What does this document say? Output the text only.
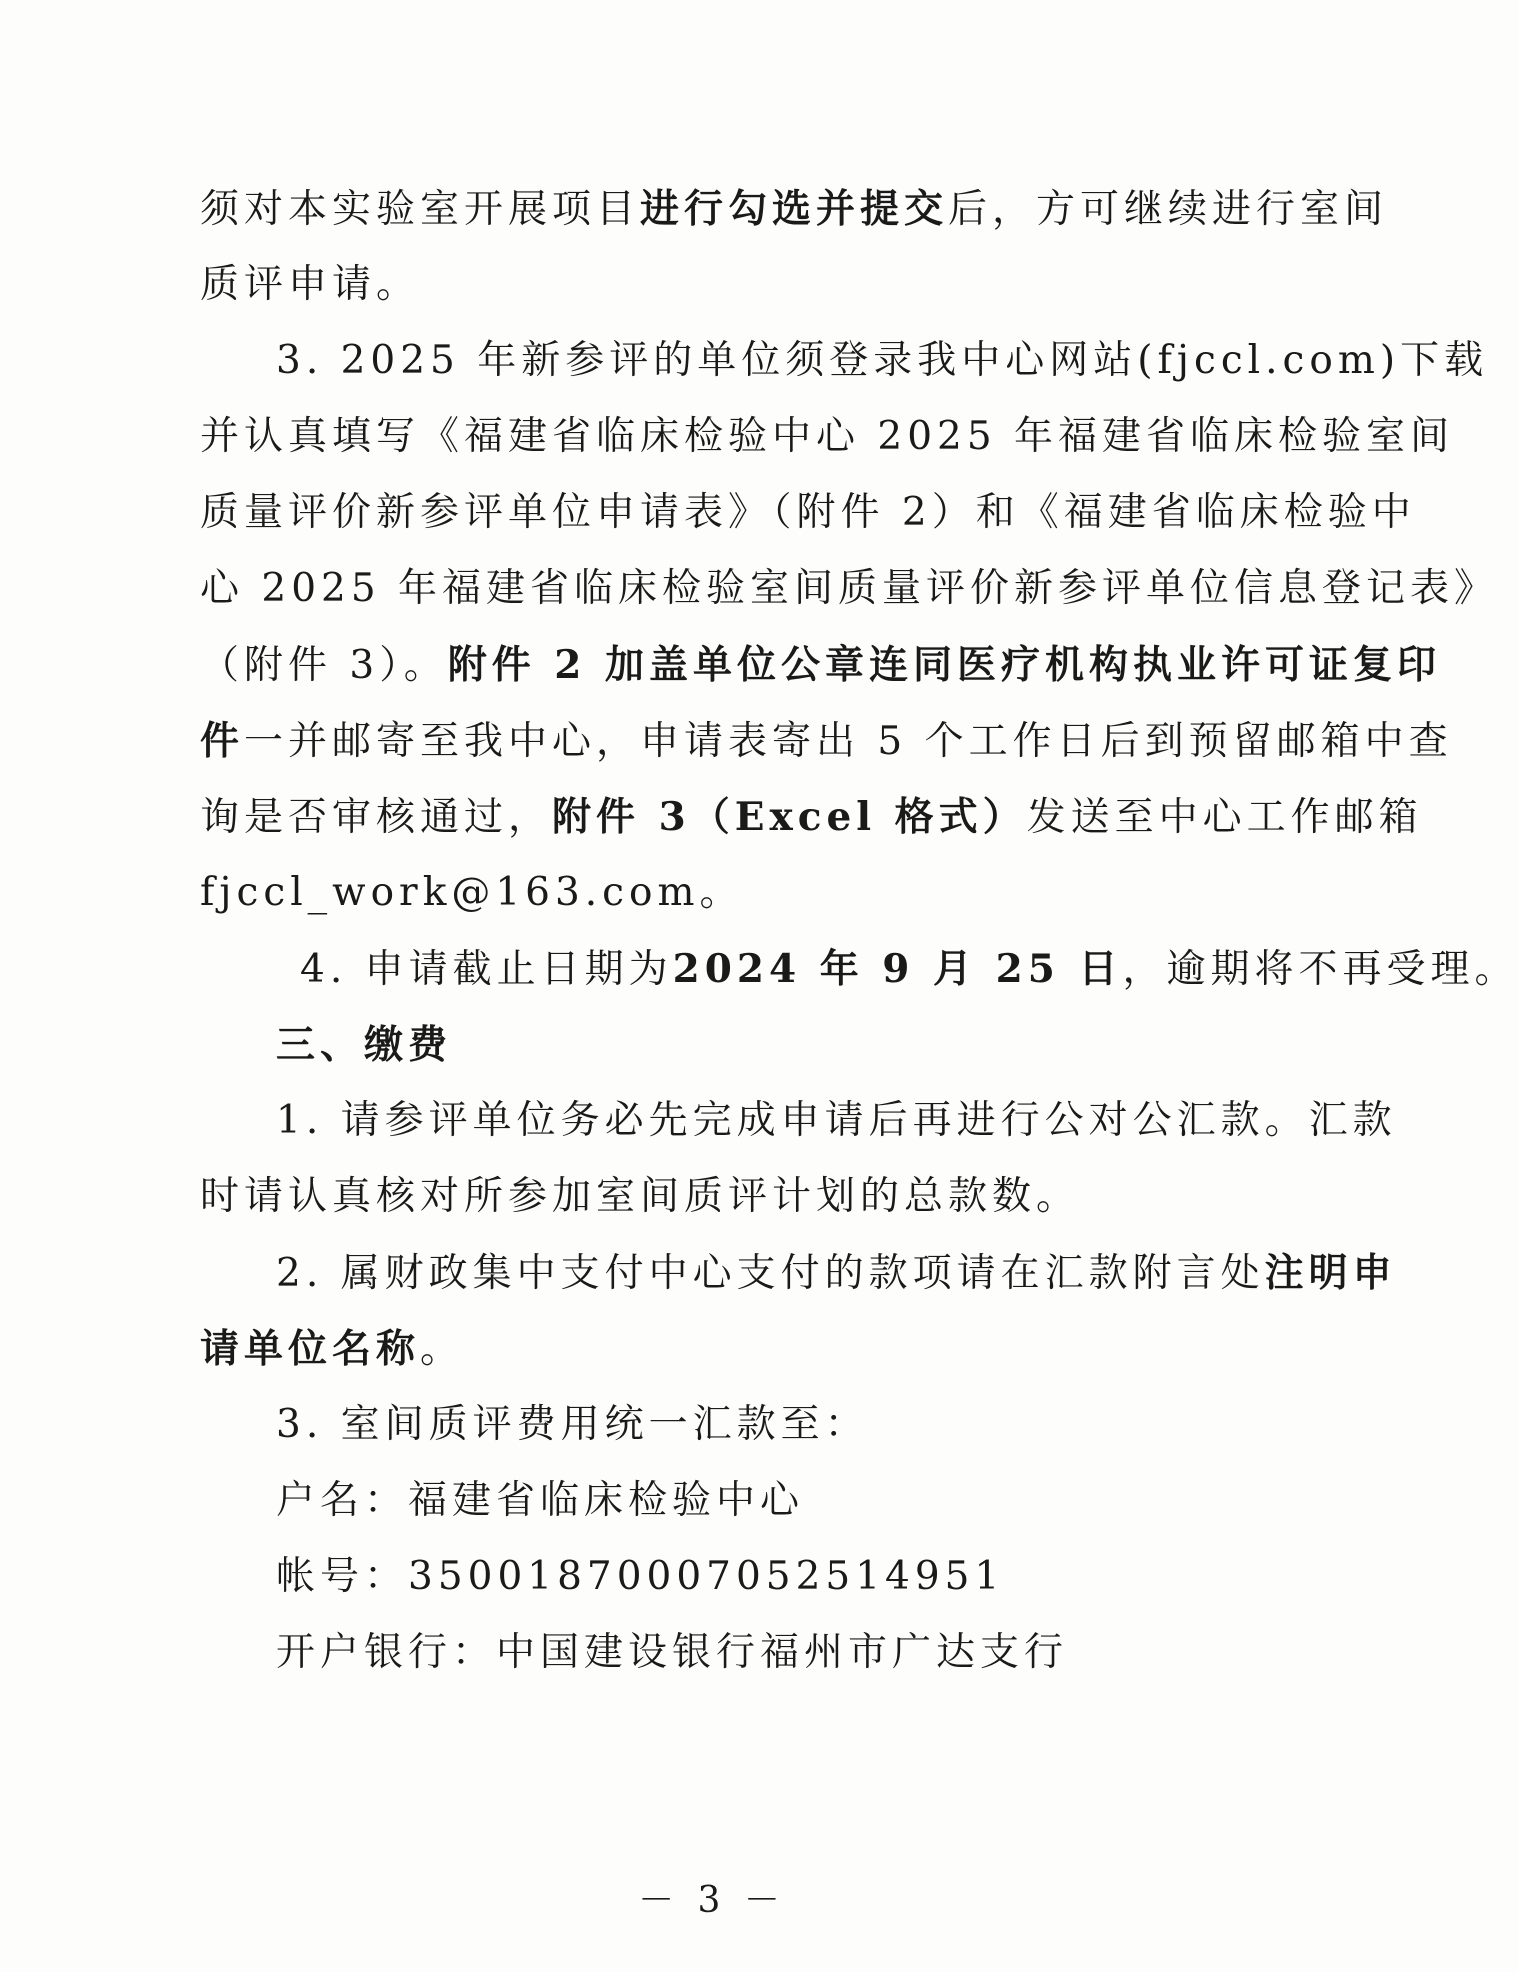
须对本实验室开展项目进行勾选并提交后，方可继续进行室间
质评申请。
3. 2025 年新参评的单位须登录我中心网站(fjccl.com)下载
并认真填写《福建省临床检验中心 2025 年福建省临床检验室间
质量评价新参评单位申请表》（附件 2）和《福建省临床检验中
心 2025 年福建省临床检验室间质量评价新参评单位信息登记表》
（附件 3）。附件 2 加盖单位公章连同医疗机构执业许可证复印
件一并邮寄至我中心，申请表寄出 5 个工作日后到预留邮箱中查
询是否审核通过，附件 3（Excel 格式）发送至中心工作邮箱
fjccl_work@163.com。
4. 申请截止日期为2024 年 9 月 25 日，逾期将不再受理。
三、缴费
1. 请参评单位务必先完成申请后再进行公对公汇款。汇款
时请认真核对所参加室间质评计划的总款数。
2. 属财政集中支付中心支付的款项请在汇款附言处注明申
请单位名称。
3. 室间质评费用统一汇款至：
户名：福建省临床检验中心
帐号：35001870007052514951
开户银行：中国建设银行福州市广达支行
－ 3 －
